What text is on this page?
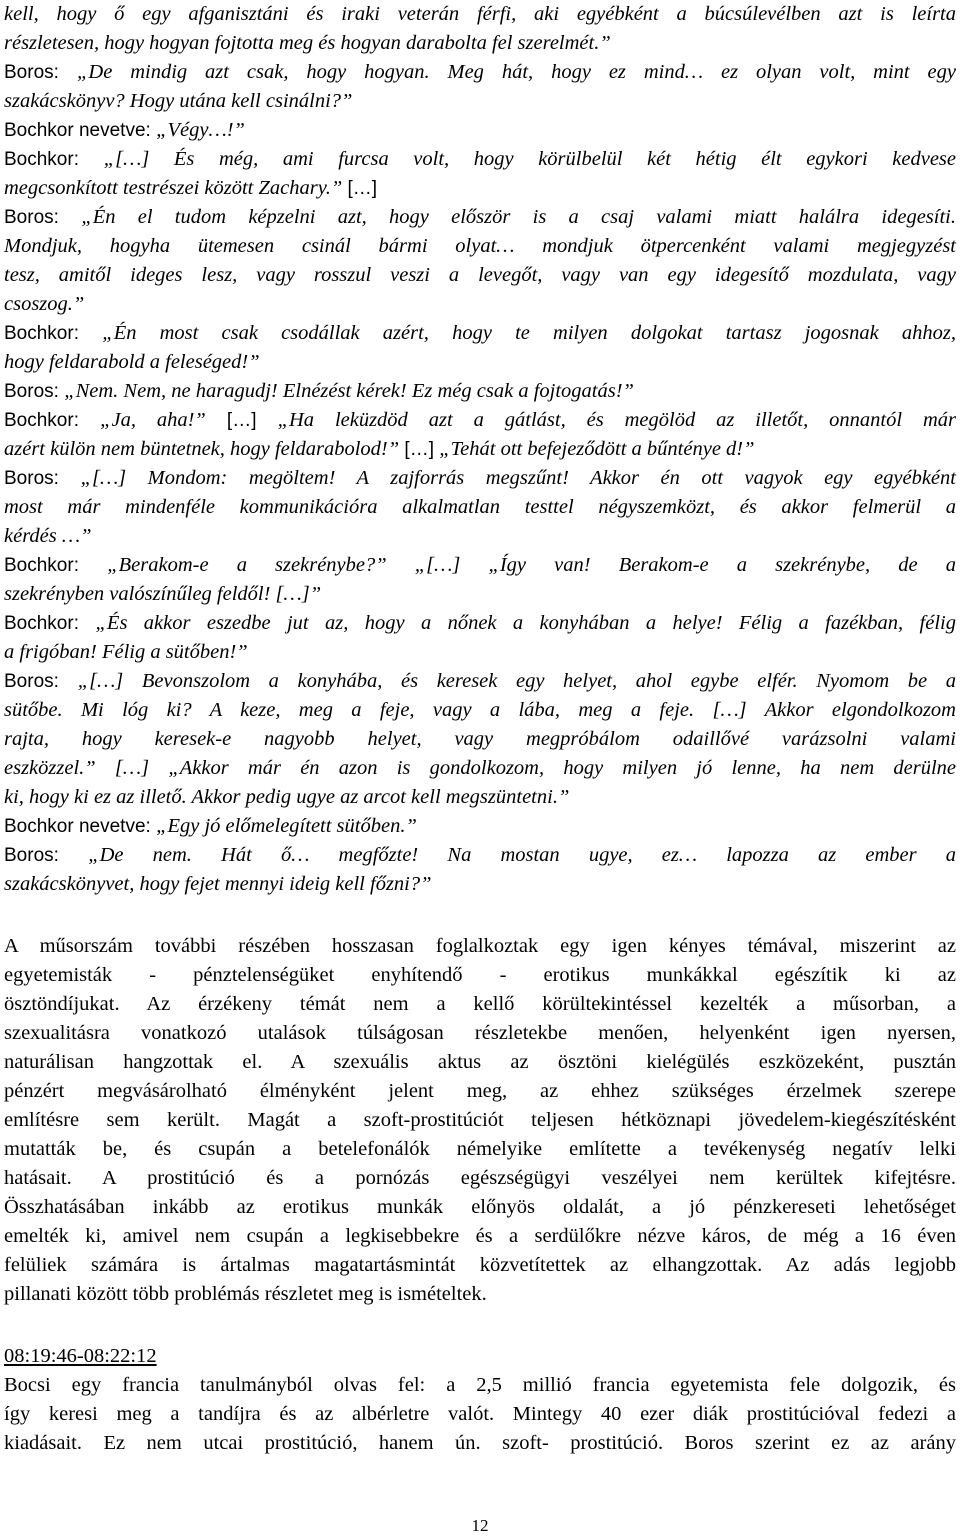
kell, hogy ő egy afganisztáni és iraki veterán férfi, aki egyébként a búcsúlevélben azt is leírta
részletesen, hogy hogyan fojtotta meg és hogyan darabolta fel szerelmét.”
Boros: „De mindig azt csak, hogy hogyan. Meg hát, hogy ez mind… ez olyan volt, mint egy
szakácskönyv? Hogy utána kell csinálni?”
Bochkor nevetve: „Végy…!”
Bochkor: „[…] És még, ami furcsa volt, hogy körülbelül két hétig élt egykori kedvese
megcsonkított testrészei között Zachary.” […]
Boros: „Én el tudom képzelni azt, hogy először is a csaj valami miatt halálra idegesíti.
Mondjuk, hogyha ütemesen csinál bármi olyat… mondjuk ötpercenként valami megjegyzést
tesz, amitől ideges lesz, vagy rosszul veszi a levegőt, vagy van egy idegesítő mozdulata, vagy
csoszog.”
Bochkor: „Én most csak csodállak azért, hogy te milyen dolgokat tartasz jogosnak ahhoz,
hogy feldarabold a feleséged!”
Boros: „Nem. Nem, ne haragudj! Elnézést kérek! Ez még csak a fojtogatás!”
Bochkor: „Ja, aha!” […] „Ha leküzdöd azt a gátlást, és megölöd az illetőt, onnantól már
azért külön nem büntetnek, hogy feldarabolod!” […] „Tehát ott befejeződött a bűnténye d!”
Boros: „[…] Mondom: megöltem! A zajforrás megszűnt! Akkor én ott vagyok egy egyébként
most már mindenféle kommunikációra alkalmatlan testtel négyszemközt, és akkor felmerül a
kérdés …”
Bochkor: „Berakom-e a szekrénybe?” „[…] „Így van! Berakom-e a szekrénybe, de a
szekrényben valószínűleg feldől! […]”
Bochkor: „És akkor eszedbe jut az, hogy a nőnek a konyhában a helye! Félig a fazékban, félig
a frigóban! Félig a sütőben!”
Boros: „[…] Bevonszolom a konyhába, és keresek egy helyet, ahol egybe elfér. Nyomom be a
sütőbe. Mi lóg ki? A keze, meg a feje, vagy a lába, meg a feje. […] Akkor elgondolkozom
rajta, hogy keresek-e nagyobb helyet, vagy megpróbálom odaillővé varázsolni valami
eszközzel.” […] „Akkor már én azon is gondolkozom, hogy milyen jó lenne, ha nem derülne
ki, hogy ki ez az illető. Akkor pedig ugye az arcot kell megszüntetni.”
Bochkor nevetve: „Egy jó előmelegített sütőben.”
Boros: „De nem. Hát ő… megfőzte! Na mostan ugye, ez… lapozza az ember a
szakácskönyvet, hogy fejet mennyi ideig kell főzni?”
A műsorszám további részében hosszasan foglalkoztak egy igen kényes témával, miszerint az
egyetemisták - pénztelenségüket enyhítendő - erotikus munkákkal egészítik ki az
ösztöndíjukat. Az érzékeny témát nem a kellő körültekintéssel kezelték a műsorban, a
szexualitásra vonatkozó utalások túlságosan részletekbe menően, helyenként igen nyersen,
naturálisan hangzottak el. A szexuális aktus az ösztöni kielégülés eszközeként, pusztán
pénzért megvásárolható élményként jelent meg, az ehhez szükséges érzelmek szerepe
említésre sem került. Magát a szoft-prostitúciót teljesen hétköznapi jövedelem-kiegészítésként
mutatták be, és csupán a betelefonálók némelyike említette a tevékenység negatív lelki
hatásait. A prostitúció és a pornózás egészségügyi veszélyei nem kerültek kifejtésre.
Összhatásában inkább az erotikus munkák előnyös oldalát, a jó pénzkereseti lehetőséget
emelték ki, amivel nem csupán a legkisebbekre és a serdülőkre nézve káros, de még a 16 éven
felüliek számára is ártalmas magatartásmintát közvetítettek az elhangzottak. Az adás legjobb
pillanati között több problémás részletet meg is ismételtek.
08:19:46-08:22:12
Bocsi egy francia tanulmányból olvas fel: a 2,5 millió francia egyetemista fele dolgozik, és
így keresi meg a tandíjra és az albérletre valót. Mintegy 40 ezer diák prostitúcióval fedezi a
kiadásait. Ez nem utcai prostitúció, hanem ún. szoft- prostitúció. Boros szerint ez az arány
12
